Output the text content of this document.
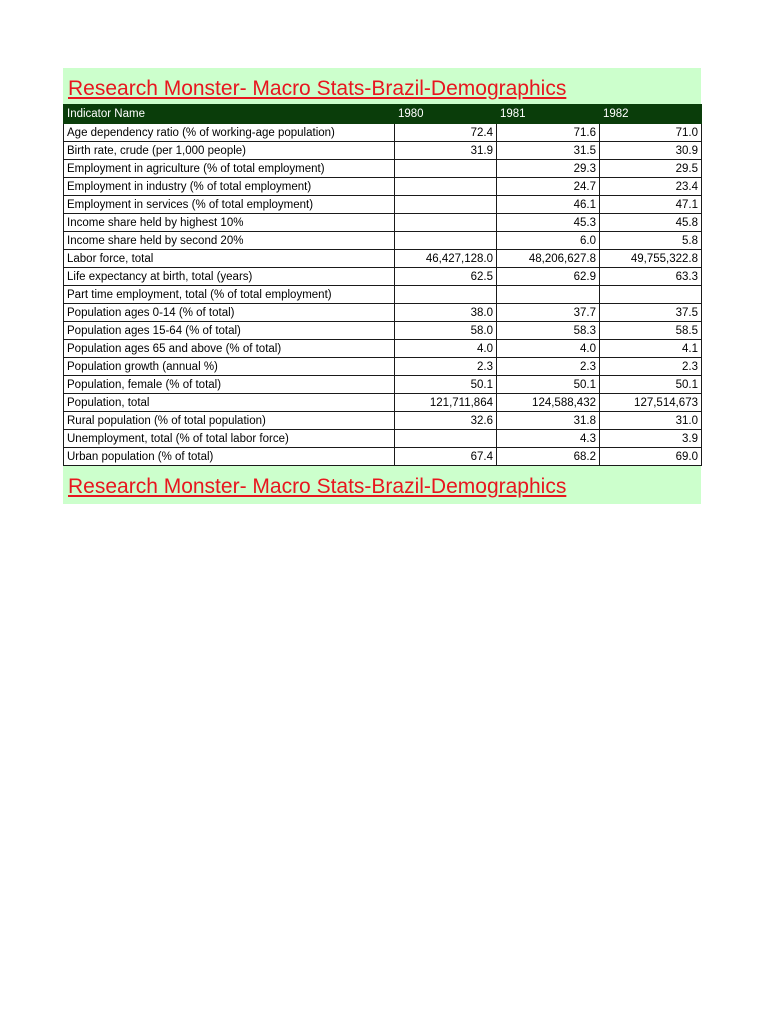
Research Monster- Macro Stats-Brazil-Demographics
Indicator Name	1980	1981	1982
Age dependency ratio (% of working-age population)	72.4	71.6	71.0
Birth rate, crude (per 1,000 people)	31.9	31.5	30.9
Employment in agriculture (% of total employment)		29.3	29.5
Employment in industry (% of total employment)		24.7	23.4
Employment in services (% of total employment)		46.1	47.1
Income share held by highest 10%		45.3	45.8
Income share held by second 20%		6.0	5.8
Labor force, total	46,427,128.0	48,206,627.8	49,755,322.8
Life expectancy at birth, total (years)	62.5	62.9	63.3
Part time employment, total (% of total employment)			
Population ages 0-14 (% of total)	38.0	37.7	37.5
Population ages 15-64 (% of total)	58.0	58.3	58.5
Population ages 65 and above (% of total)	4.0	4.0	4.1
Population growth (annual %)	2.3	2.3	2.3
Population, female (% of total)	50.1	50.1	50.1
Population, total	121,711,864	124,588,432	127,514,673
Rural population (% of total population)	32.6	31.8	31.0
Unemployment, total (% of total labor force)		4.3	3.9
Urban population (% of total)	67.4	68.2	69.0
Research Monster- Macro Stats-Brazil-Demographics
